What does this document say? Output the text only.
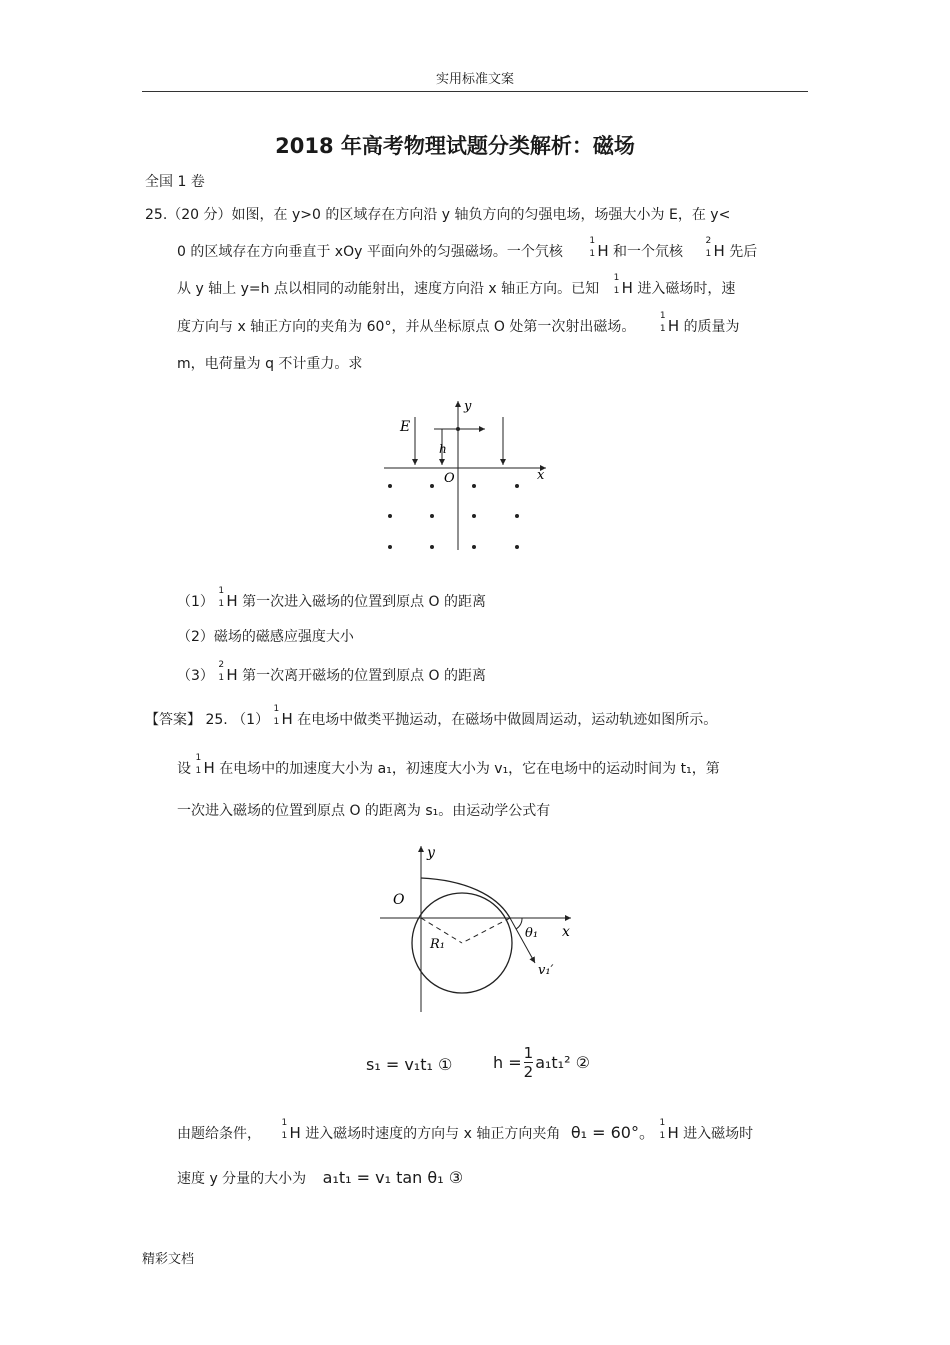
实用标准文案
2018 年高考物理试题分类解析：磁场
全国 1 卷
25.（20 分）如图，在 y>0 的区域存在方向沿 y 轴负方向的匀强电场，场强大小为 E，在 y<
0 的区域存在方向垂直于 xOy 平面向外的匀强磁场。一个氕核
1
1 H 和一个氘核
2
1 H 先后
从 y 轴上 y=h 点以相同的动能射出，速度方向沿 x 轴正方向。已知
1
1 H 进入磁场时，速
度方向与 x 轴正方向的夹角为 60°，并从坐标原点 O 处第一次射出磁场。
1
1 H 的质量为
m，电荷量为 q 不计重力。求
E
h
O	x
y
（1）
1
1 H 第一次进入磁场的位置到原点 O 的距离
（2）磁场的磁感应强度大小
（3）
2
1 H 第一次离开磁场的位置到原点 O 的距离
【答案】 25. （1）
1
1 H 在电场中做类平抛运动，在磁场中做圆周运动，运动轨迹如图所示。
设
1
1 H 在电场中的加速度大小为 a₁，初速度大小为 v₁，它在电场中的运动时间为 t₁，第
一次进入磁场的位置到原点 O 的距离为 s₁。由运动学公式有
O
x
y
R₁
θ₁
v₁′
s₁ = v₁t₁ ①	$h = \frac{1}{2} a_1t_1^2$ ②
由题给条件，
1
1 H 进入磁场时速度的方向与 x 轴正方向夹角 θ₁ = 60°。 1
1 H 进入磁场时
速度 y 分量的大小为 a₁t₁ = v₁ tan θ₁ ③
精彩文档
